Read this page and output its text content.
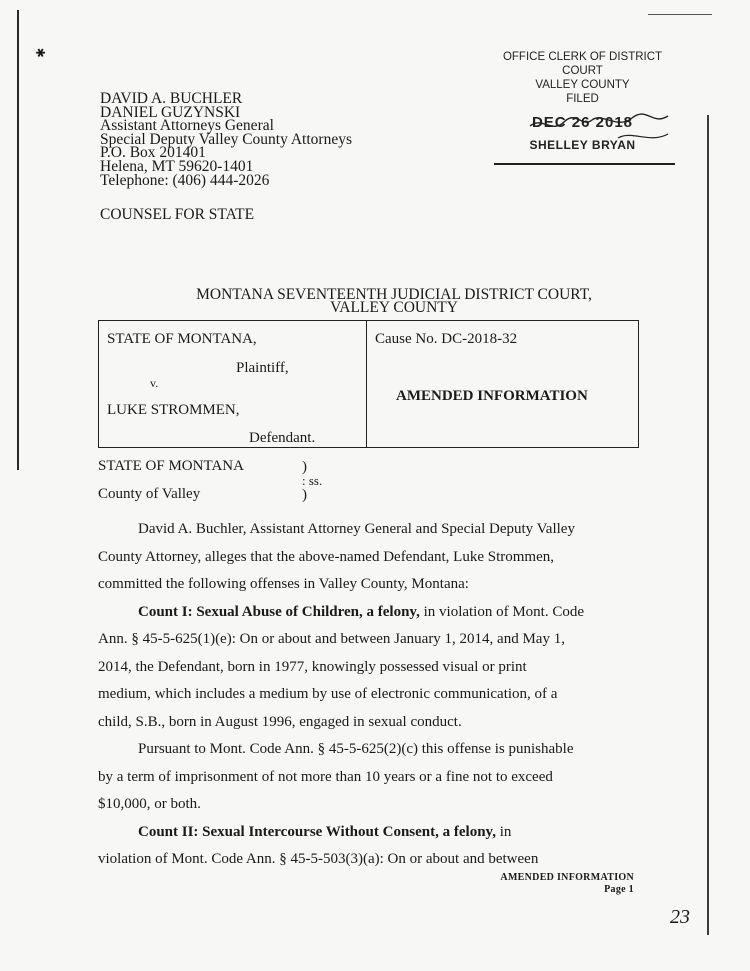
✱	OFFICE CLERK OF DISTRICT COURT
VALLEY COUNTY
FILED
DEC 26 2018
SHELLEY BRYAN
DAVID A. BUCHLER
DANIEL GUZYNSKI
Assistant Attorneys General
Special Deputy Valley County Attorneys
P.O. Box 201401
Helena, MT 59620-1401
Telephone: (406) 444-2026
COUNSEL FOR STATE
MONTANA SEVENTEENTH JUDICIAL DISTRICT COURT,
VALLEY COUNTY
STATE OF MONTANA,
Plaintiff,
v.
LUKE STROMMEN,
Defendant.
Cause No. DC-2018-32
AMENDED INFORMATION
STATE OF MONTANA
County of Valley
)
: ss.
)
David A. Buchler, Assistant Attorney General and Special Deputy Valley
County Attorney, alleges that the above-named Defendant, Luke Strommen,
committed the following offenses in Valley County, Montana:
Count I: Sexual Abuse of Children, a felony, in violation of Mont. Code
Ann. § 45-5-625(1)(e): On or about and between January 1, 2014, and May 1,
2014, the Defendant, born in 1977, knowingly possessed visual or print
medium, which includes a medium by use of electronic communication, of a
child, S.B., born in August 1996, engaged in sexual conduct.
Pursuant to Mont. Code Ann. § 45-5-625(2)(c) this offense is punishable
by a term of imprisonment of not more than 10 years or a fine not to exceed
$10,000, or both.
Count II: Sexual Intercourse Without Consent, a felony, in
violation of Mont. Code Ann. § 45-5-503(3)(a): On or about and between
AMENDED INFORMATION
Page 1
23
